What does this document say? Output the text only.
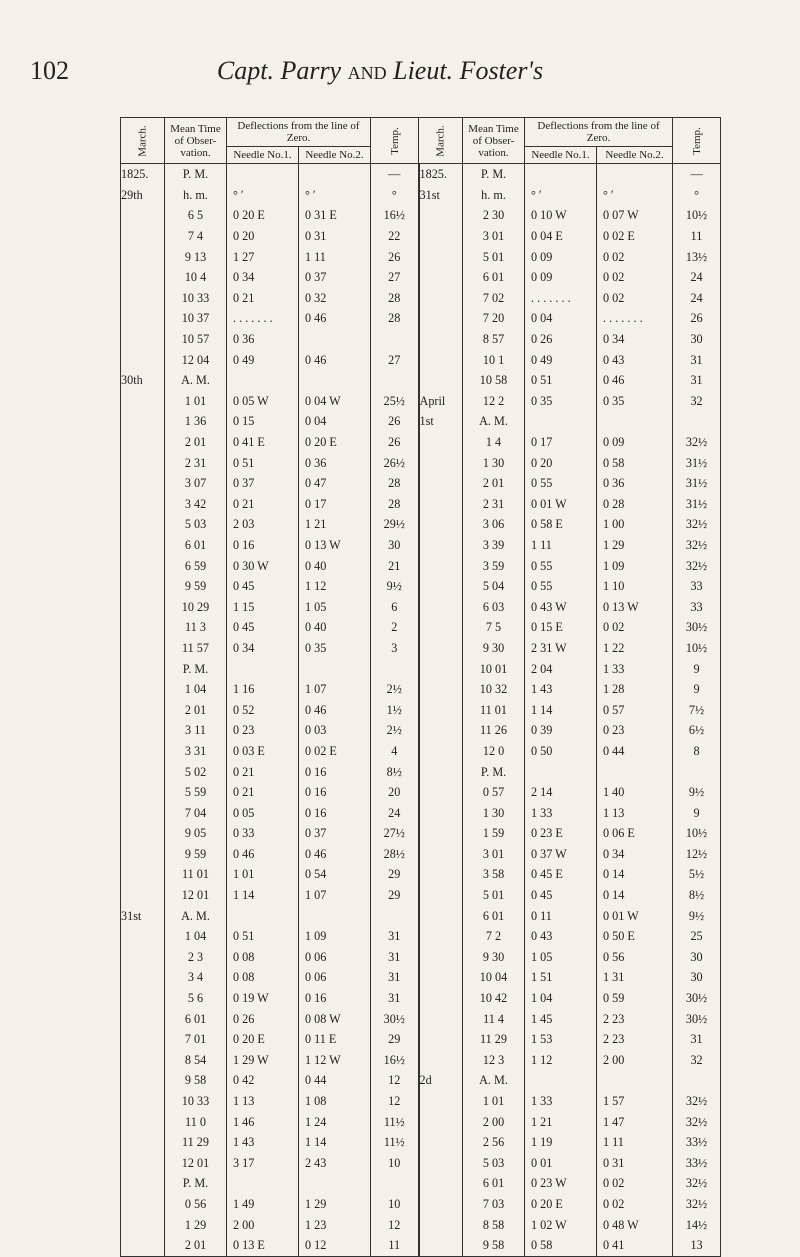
102	Capt. Parry and Lieut. Foster's
March.	Mean Time of Obser-vation.	Deflections from the line of Zero.		Temp.	March.	Mean Time of Obser-vation.	Deflections from the line of Zero.		Temp.
		Needle No.1.	Needle No.2.				Needle No.1.	Needle No.2.	
1825.	P. M.			—	1825.	P. M.			—
29th	h. m.	° ′	° ′	°	31st	h. m.	° ′	° ′	°
	6 5	0 20 E	0 31 E	16½		2 30	0 10 W	0 07 W	10½
	7 4	0 20	0 31	22		3 01	0 04 E	0 02 E	11
	9 13	1 27	1 11	26		5 01	0 09	0 02	13½
	10 4	0 34	0 37	27		6 01	0 09	0 02	24
	10 33	0 21	0 32	28		7 02	. . . . . . .	0 02	24
	10 37	. . . . . . .	0 46	28		7 20	0 04	. . . . . . .	26
	10 57	0 36				8 57	0 26	0 34	30
	12 04	0 49	0 46	27		10 1	0 49	0 43	31
30th	A. M.					10 58	0 51	0 46	31
	1 01	0 05 W	0 04 W	25½	April	12 2	0 35	0 35	32
	1 36	0 15	0 04	26	1st	A. M.			
	2 01	0 41 E	0 20 E	26		1 4	0 17	0 09	32½
	2 31	0 51	0 36	26½		1 30	0 20	0 58	31½
	3 07	0 37	0 47	28		2 01	0 55	0 36	31½
	3 42	0 21	0 17	28		2 31	0 01 W	0 28	31½
	5 03	2 03	1 21	29½		3 06	0 58 E	1 00	32½
	6 01	0 16	0 13 W	30		3 39	1 11	1 29	32½
	6 59	0 30 W	0 40	21		3 59	0 55	1 09	32½
	9 59	0 45	1 12	9½		5 04	0 55	1 10	33
	10 29	1 15	1 05	6		6 03	0 43 W	0 13 W	33
	11 3	0 45	0 40	2		7 5	0 15 E	0 02	30½
	11 57	0 34	0 35	3		9 30	2 31 W	1 22	10½
	P. M.					10 01	2 04	1 33	9
	1 04	1 16	1 07	2½		10 32	1 43	1 28	9
	2 01	0 52	0 46	1½		11 01	1 14	0 57	7½
	3 11	0 23	0 03	2½		11 26	0 39	0 23	6½
	3 31	0 03 E	0 02 E	4		12 0	0 50	0 44	8
	5 02	0 21	0 16	8½		P. M.			
	5 59	0 21	0 16	20		0 57	2 14	1 40	9½
	7 04	0 05	0 16	24		1 30	1 33	1 13	9
	9 05	0 33	0 37	27½		1 59	0 23 E	0 06 E	10½
	9 59	0 46	0 46	28½		3 01	0 37 W	0 34	12½
	11 01	1 01	0 54	29		3 58	0 45 E	0 14	5½
	12 01	1 14	1 07	29		5 01	0 45	0 14	8½
31st	A. M.					6 01	0 11	0 01 W	9½
	1 04	0 51	1 09	31		7 2	0 43	0 50 E	25
	2 3	0 08	0 06	31		9 30	1 05	0 56	30
	3 4	0 08	0 06	31		10 04	1 51	1 31	30
	5 6	0 19 W	0 16	31		10 42	1 04	0 59	30½
	6 01	0 26	0 08 W	30½		11 4	1 45	2 23	30½
	7 01	0 20 E	0 11 E	29		11 29	1 53	2 23	31
	8 54	1 29 W	1 12 W	16½		12 3	1 12	2 00	32
	9 58	0 42	0 44	12	2d	A. M.			
	10 33	1 13	1 08	12		1 01	1 33	1 57	32½
	11 0	1 46	1 24	11½		2 00	1 21	1 47	32½
	11 29	1 43	1 14	11½		2 56	1 19	1 11	33½
	12 01	3 17	2 43	10		5 03	0 01	0 31	33½
	P. M.					6 01	0 23 W	0 02	32½
	0 56	1 49	1 29	10		7 03	0 20 E	0 02	32½
	1 29	2 00	1 23	12		8 58	1 02 W	0 48 W	14½
	2 01	0 13 E	0 12	11		9 58	0 58	0 41	13
